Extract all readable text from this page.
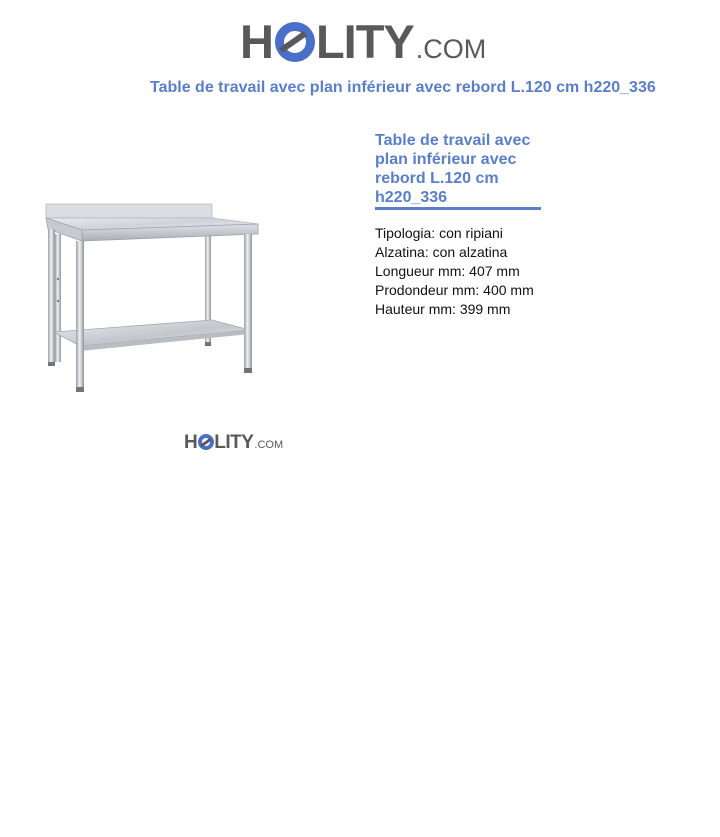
H LITY .COM
Table de travail avec plan inférieur avec rebord L.120 cm h220_336
H LITY .COM
Table de travail avec plan inférieur avec rebord L.120 cm h220_336
Tipologia: con ripiani
Alzatina: con alzatina
Longueur mm: 407 mm
Prodondeur mm: 400 mm
Hauteur mm: 399 mm
